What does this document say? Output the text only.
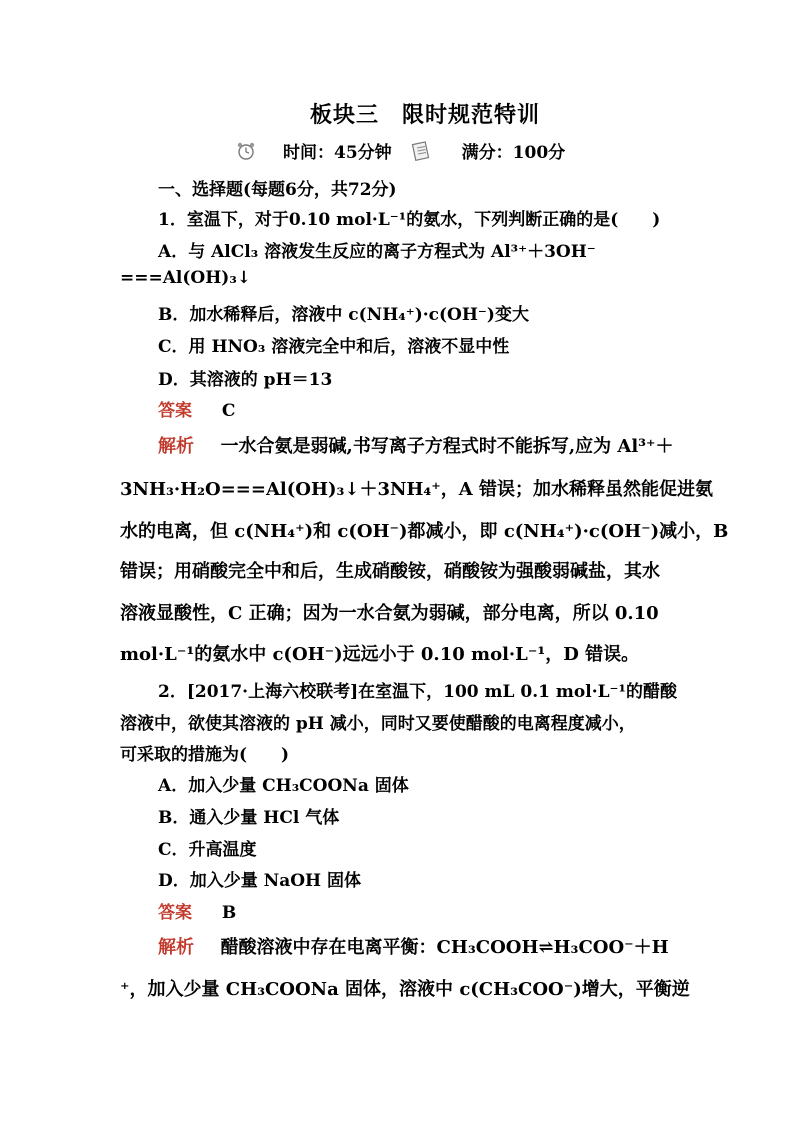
板块三　限时规范特训
时间：45分钟	满分：100分
一、选择题(每题6分，共72分)
1．室温下，对于0.10 mol·L⁻¹的氨水，下列判断正确的是(　　)
A．与 AlCl₃ 溶液发生反应的离子方程式为 Al³⁺＋3OH⁻
===Al(OH)₃↓
B．加水稀释后，溶液中 c(NH₄⁺)·c(OH⁻)变大
C．用 HNO₃ 溶液完全中和后，溶液不显中性
D．其溶液的 pH＝13
答案 C
解析 一水合氨是弱碱,书写离子方程式时不能拆写,应为 Al³⁺＋
3NH₃·H₂O===Al(OH)₃↓＋3NH₄⁺，A 错误；加水稀释虽然能促进氨
水的电离，但 c(NH₄⁺)和 c(OH⁻)都减小，即 c(NH₄⁺)·c(OH⁻)减小，B
错误；用硝酸完全中和后，生成硝酸铵，硝酸铵为强酸弱碱盐，其水
溶液显酸性，C 正确；因为一水合氨为弱碱，部分电离，所以 0.10
mol·L⁻¹的氨水中 c(OH⁻)远远小于 0.10 mol·L⁻¹，D 错误。
2．[2017·上海六校联考]在室温下，100 mL 0.1 mol·L⁻¹的醋酸
溶液中，欲使其溶液的 pH 减小，同时又要使醋酸的电离程度减小，
可采取的措施为(　　)
A．加入少量 CH₃COONa 固体
B．通入少量 HCl 气体
C．升高温度
D．加入少量 NaOH 固体
答案 B
解析 醋酸溶液中存在电离平衡：CH₃COOH⇌H₃COO⁻＋H
⁺，加入少量 CH₃COONa 固体，溶液中 c(CH₃COO⁻)增大，平衡逆
